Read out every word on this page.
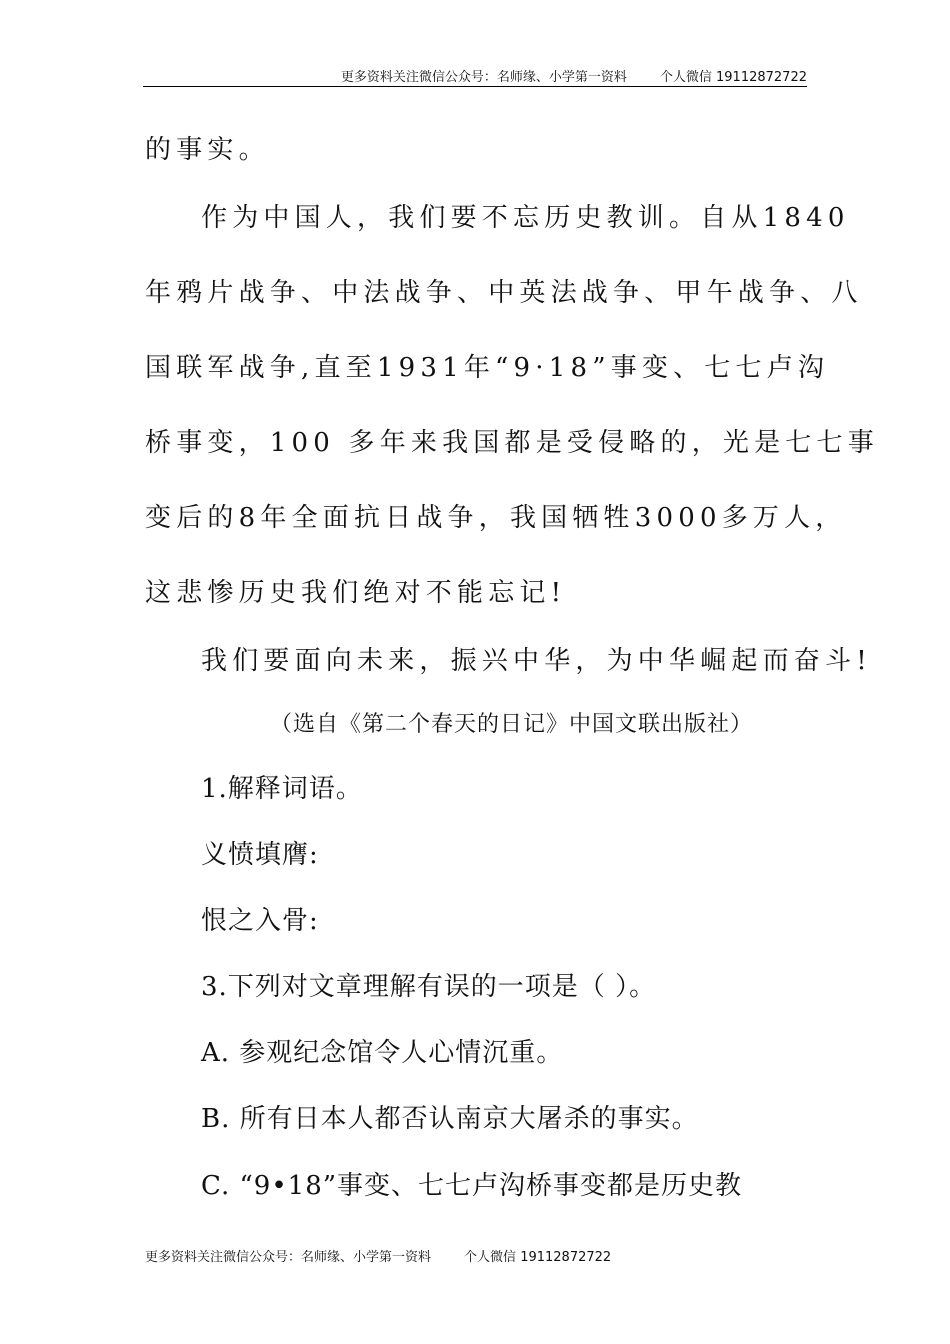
更多资料关注微信公众号：名师缘、小学第一资料        个人微信 19112872722
的事实。
作为中国人，我们要不忘历史教训。自从1840
年鸦片战争、中法战争、中英法战争、甲午战争、八
国联军战争,直至1931年“9·18”事变、七七卢沟
桥事变，100 多年来我国都是受侵略的，光是七七事
变后的8年全面抗日战争，我国牺牲3000多万人，
这悲惨历史我们绝对不能忘记!
我们要面向未来，振兴中华，为中华崛起而奋斗!
（选自《第二个春天的日记》中国文联出版社）
1.解释词语。
义愤填膺:
恨之入骨:
3.下列对文章理解有误的一项是（ ）。
A. 参观纪念馆令人心情沉重。
B. 所有日本人都否认南京大屠杀的事实。
C. “9•18”事变、七七卢沟桥事变都是历史教
更多资料关注微信公众号：名师缘、小学第一资料        个人微信 19112872722
